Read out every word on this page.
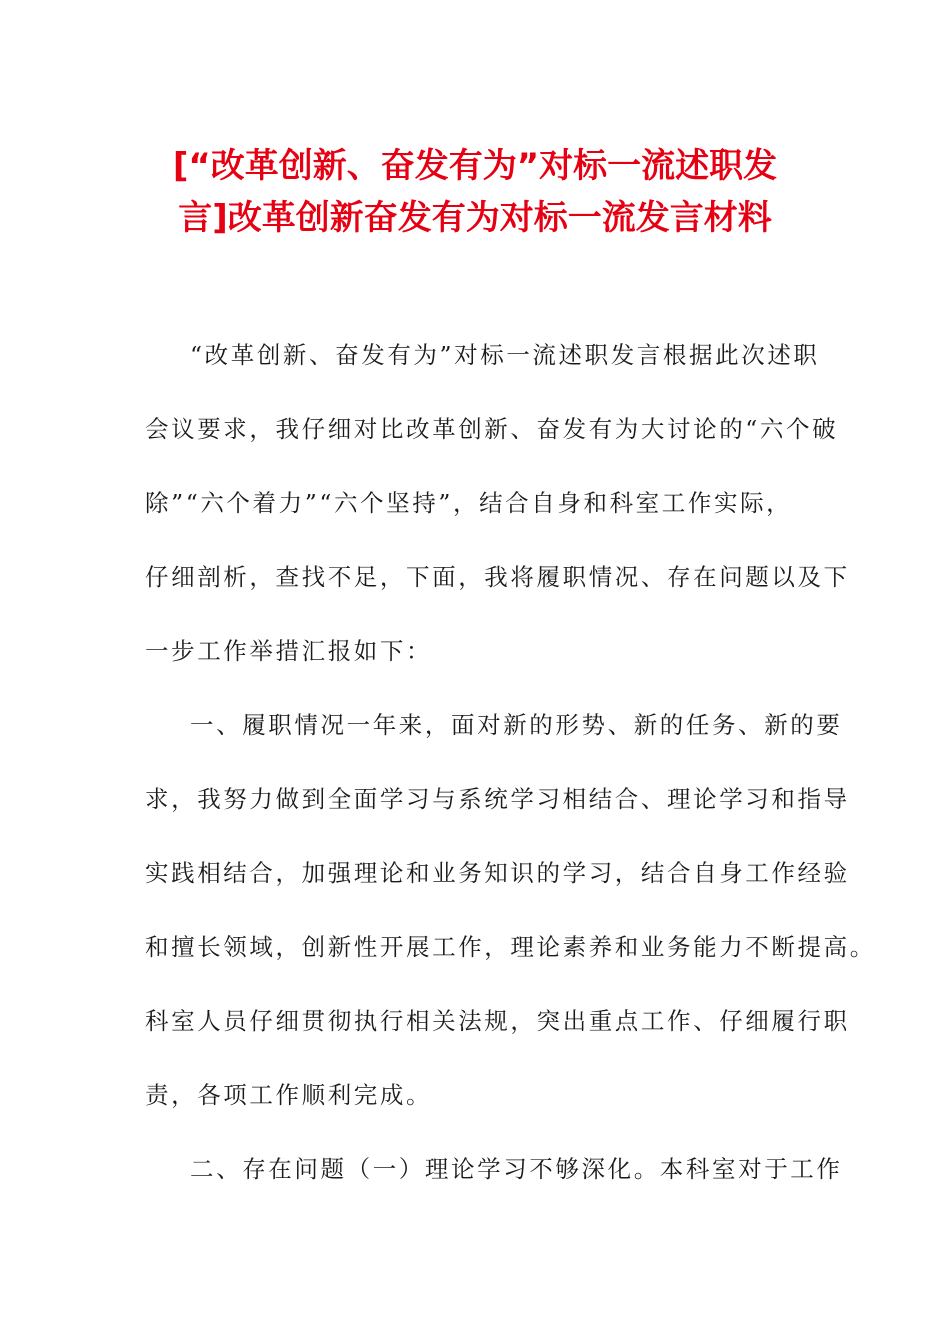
[“改革创新、奋发有为”对标一流述职发
言]改革创新奋发有为对标一流发言材料
“改革创新、奋发有为”对标一流述职发言根据此次述职
会议要求，我仔细对比改革创新、奋发有为大讨论的“六个破
除”“六个着力”“六个坚持”，结合自身和科室工作实际，
仔细剖析，查找不足，下面，我将履职情况、存在问题以及下
一步工作举措汇报如下：
一、履职情况一年来，面对新的形势、新的任务、新的要
求，我努力做到全面学习与系统学习相结合、理论学习和指导
实践相结合，加强理论和业务知识的学习，结合自身工作经验
和擅长领域，创新性开展工作，理论素养和业务能力不断提高。
科室人员仔细贯彻执行相关法规，突出重点工作、仔细履行职
责，各项工作顺利完成。
二、存在问题（一）理论学习不够深化。本科室对于工作
